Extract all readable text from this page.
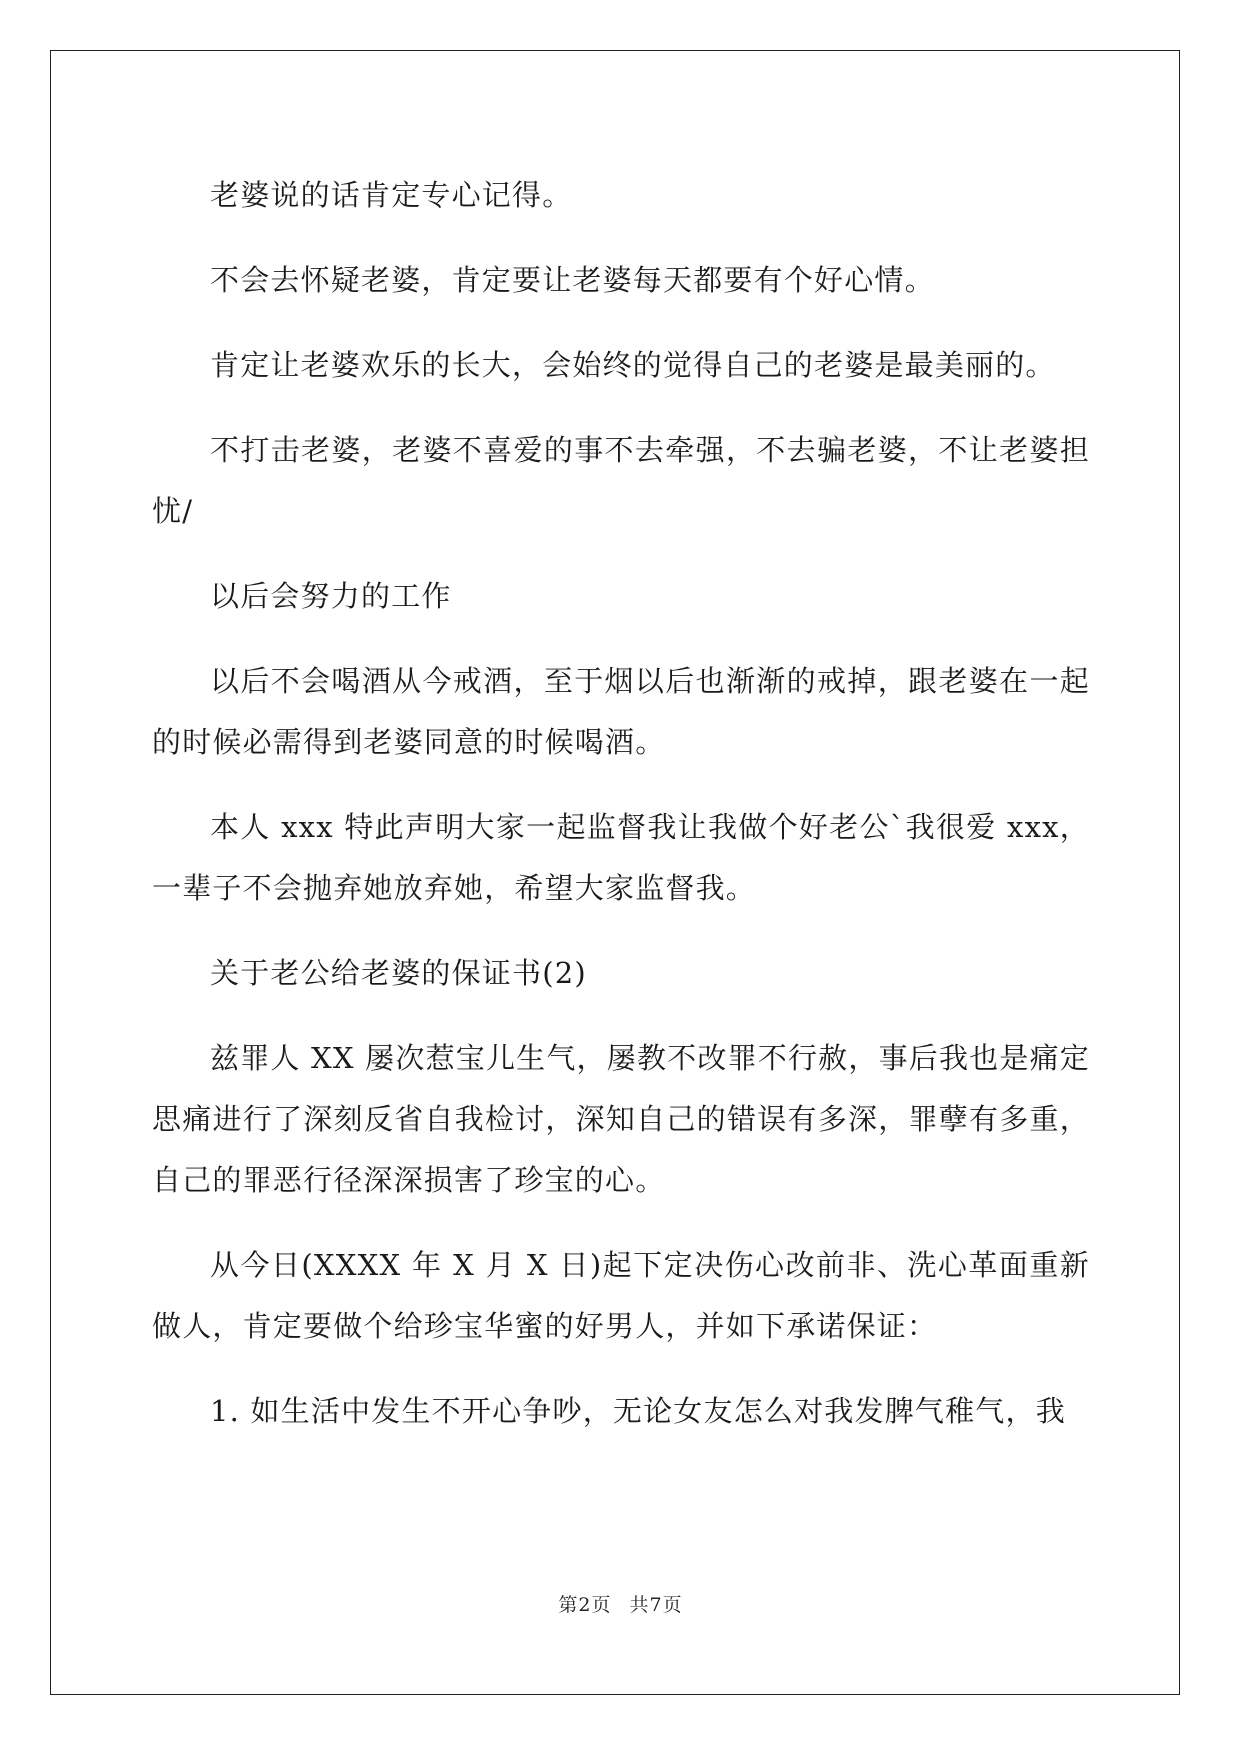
老婆说的话肯定专心记得。

不会去怀疑老婆，肯定要让老婆每天都要有个好心情。

肯定让老婆欢乐的长大，会始终的觉得自己的老婆是最美丽的。

不打击老婆，老婆不喜爱的事不去牵强，不去骗老婆，不让老婆担忧/

以后会努力的工作

以后不会喝酒从今戒酒，至于烟以后也渐渐的戒掉，跟老婆在一起的时候必需得到老婆同意的时候喝酒。

本人 xxx 特此声明大家一起监督我让我做个好老公`我很爱 xxx，一辈子不会抛弃她放弃她，希望大家监督我。

关于老公给老婆的保证书(2)

兹罪人 XX 屡次惹宝儿生气，屡教不改罪不行赦，事后我也是痛定思痛进行了深刻反省自我检讨，深知自己的错误有多深，罪孽有多重，自己的罪恶行径深深损害了珍宝的心。

从今日(XXXX 年 X 月 X 日)起下定决伤心改前非、洗心革面重新做人，肯定要做个给珍宝华蜜的好男人，并如下承诺保证：

1. 如生活中发生不开心争吵，无论女友怎么对我发脾气稚气，我

第2页 共7页
